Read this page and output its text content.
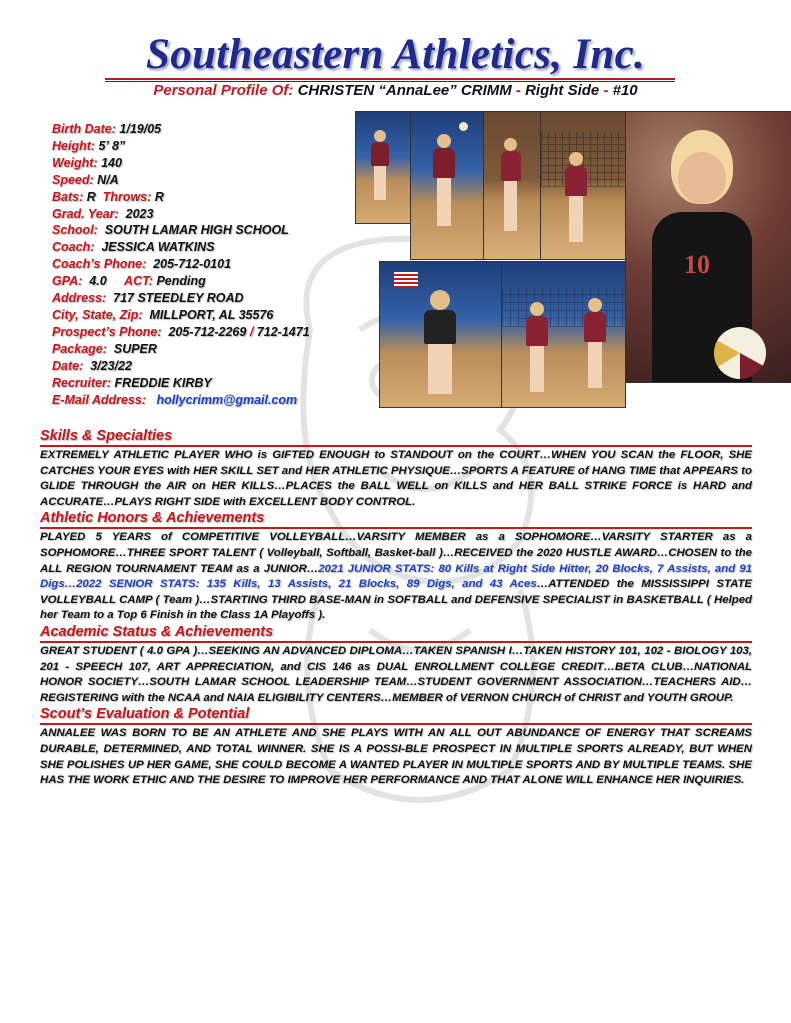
Southeastern Athletics, Inc.
Personal Profile Of: CHRISTEN “AnnaLee” CRIMM - Right Side - #10
Birth Date: 1/19/05
Height: 5’ 8”
Weight: 140
Speed: N/A
Bats: R Throws: R
Grad. Year: 2023
School: SOUTH LAMAR HIGH SCHOOL
Coach: JESSICA WATKINS
Coach’s Phone: 205-712-0101
GPA: 4.0 ACT: Pending
Address: 717 STEEDLEY ROAD
City, State, Zip: MILLPORT, AL 35576
Prospect’s Phone: 205-712-2269 / 712-1471
Package: SUPER
Date: 3/23/22
Recruiter: FREDDIE KIRBY
E-Mail Address: hollycrimm@gmail.com
10
Skills & Specialties
EXTREMELY ATHLETIC PLAYER WHO is GIFTED ENOUGH to STANDOUT on the COURT…WHEN YOU SCAN the FLOOR, SHE CATCHES YOUR EYES with HER SKILL SET and HER ATHLETIC PHYSIQUE…SPORTS A FEATURE of HANG TIME that APPEARS to GLIDE THROUGH the AIR on HER KILLS…PLACES the BALL WELL on KILLS and HER BALL STRIKE FORCE is HARD and ACCURATE…PLAYS RIGHT SIDE with EXCELLENT BODY CONTROL.
Athletic Honors & Achievements
PLAYED 5 YEARS of COMPETITIVE VOLLEYBALL…VARSITY MEMBER as a SOPHOMORE…VARSITY STARTER as a SOPHOMORE…THREE SPORT TALENT ( Volleyball, Softball, Basket-ball )…RECEIVED the 2020 HUSTLE AWARD…CHOSEN to the ALL REGION TOURNAMENT TEAM as a JUNIOR…2021 JUNIOR STATS: 80 Kills at Right Side Hitter, 20 Blocks, 7 Assists, and 91 Digs…2022 SENIOR STATS: 135 Kills, 13 Assists, 21 Blocks, 89 Digs, and 43 Aces…ATTENDED the MISSISSIPPI STATE VOLLEYBALL CAMP ( Team )…STARTING THIRD BASE-MAN in SOFTBALL and DEFENSIVE SPECIALIST in BASKETBALL ( Helped her Team to a Top 6 Finish in the Class 1A Playoffs ).
Academic Status & Achievements
GREAT STUDENT ( 4.0 GPA )…SEEKING AN ADVANCED DIPLOMA…TAKEN SPANISH I…TAKEN HISTORY 101, 102 - BIOLOGY 103, 201 - SPEECH 107, ART APPRECIATION, and CIS 146 as DUAL ENROLLMENT COLLEGE CREDIT…BETA CLUB…NATIONAL HONOR SOCIETY…SOUTH LAMAR SCHOOL LEADERSHIP TEAM…STUDENT GOVERNMENT ASSOCIATION…TEACHERS AID…REGISTERING with the NCAA and NAIA ELIGIBILITY CENTERS…MEMBER of VERNON CHURCH of CHRIST and YOUTH GROUP.
Scout’s Evaluation & Potential
ANNALEE WAS BORN TO BE AN ATHLETE AND SHE PLAYS WITH AN ALL OUT ABUNDANCE OF ENERGY THAT SCREAMS DURABLE, DETERMINED, AND TOTAL WINNER. SHE IS A POSSI-BLE PROSPECT IN MULTIPLE SPORTS ALREADY, BUT WHEN SHE POLISHES UP HER GAME, SHE COULD BECOME A WANTED PLAYER IN MULTIPLE SPORTS AND BY MULTIPLE TEAMS. SHE HAS THE WORK ETHIC AND THE DESIRE TO IMPROVE HER PERFORMANCE AND THAT ALONE WILL ENHANCE HER INQUIRIES.
